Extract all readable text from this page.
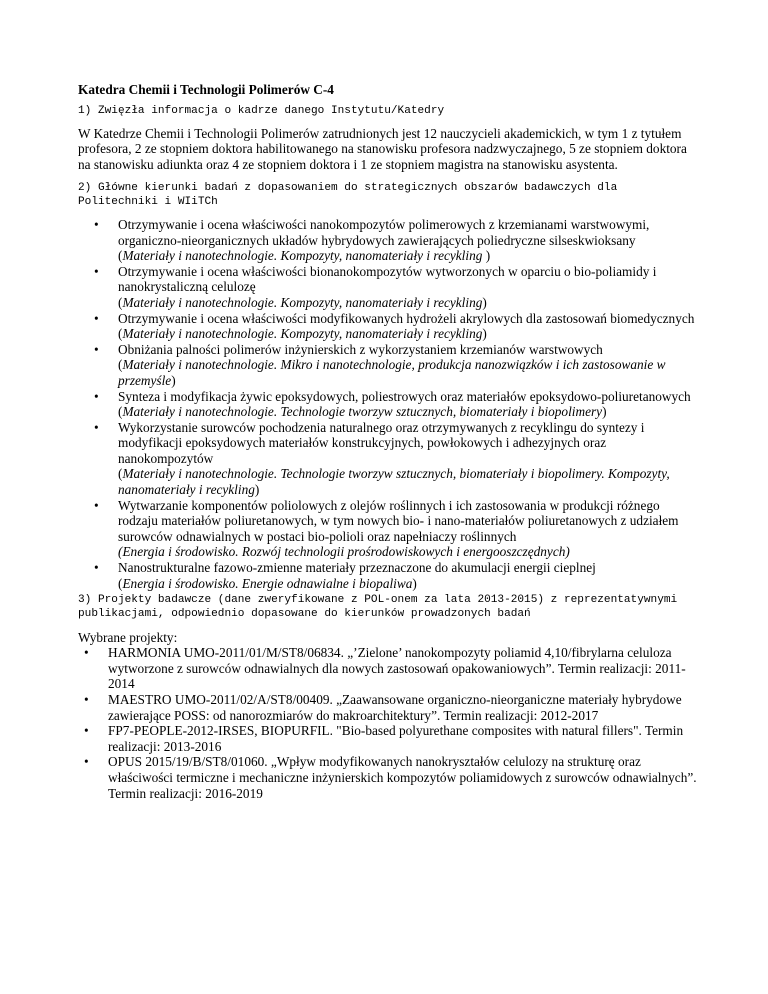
Katedra Chemii i Technologii Polimerów C-4
1) Zwięzła informacja o kadrze danego Instytutu/Katedry

W Katedrze Chemii i Technologii Polimerów zatrudnionych jest 12 nauczycieli akademickich, w tym 1 z tytułem profesora, 2 ze stopniem doktora habilitowanego na stanowisku profesora nadzwyczajnego, 5 ze stopniem doktora na stanowisku adiunkta oraz 4 ze stopniem doktora i 1 ze stopniem magistra na stanowisku asystenta.

2) Główne kierunki badań z dopasowaniem do strategicznych obszarów badawczych dla Politechniki i WIiTCh
• Otrzymywanie i ocena właściwości nanokompozytów polimerowych z krzemianami warstwowymi, organiczno-nieorganicznych układów hybrydowych zawierających poliedryczne silseskwioksany
(Materiały i nanotechnologie. Kompozyty, nanomateriały i recykling )
• Otrzymywanie i ocena właściwości bionanokompozytów wytworzonych w oparciu o bio-poliamidy i nanokrystaliczną celulozę
(Materiały i nanotechnologie. Kompozyty, nanomateriały i recykling)
• Otrzymywanie i ocena właściwości modyfikowanych hydrożeli akrylowych dla zastosowań biomedycznych
(Materiały i nanotechnologie. Kompozyty, nanomateriały i recykling)
• Obniżania palności polimerów inżynierskich z wykorzystaniem krzemianów warstwowych
(Materiały i nanotechnologie. Mikro i nanotechnologie, produkcja nanozwiązków i ich zastosowanie w przemyśle)
• Synteza i modyfikacja żywic epoksydowych, poliestrowych oraz materiałów epoksydowo-poliuretanowych
(Materiały i nanotechnologie. Technologie tworzyw sztucznych, biomateriały i biopolimery)
• Wykorzystanie surowców pochodzenia naturalnego oraz otrzymywanych z recyklingu do syntezy i modyfikacji epoksydowych materiałów konstrukcyjnych, powłokowych i adhezyjnych oraz nanokompozytów
(Materiały i nanotechnologie. Technologie tworzyw sztucznych, biomateriały i biopolimery. Kompozyty, nanomateriały i recykling)
• Wytwarzanie komponentów poliolowych z olejów roślinnych i ich zastosowania w produkcji różnego rodzaju materiałów poliuretanowych, w tym nowych bio- i nano-materiałów poliuretanowych z udziałem surowców odnawialnych w postaci bio-polioli oraz napełniaczy roślinnych
(Energia i środowisko. Rozwój technologii prośrodowiskowych i energooszczędnych)
• Nanostrukturalne fazowo-zmienne materiały przeznaczone do akumulacji energii cieplnej
(Energia i środowisko. Energie odnawialne i biopaliwa)
3) Projekty badawcze (dane zweryfikowane z POL-onem za lata 2013-2015) z reprezentatywnymi publikacjami, odpowiednio dopasowane do kierunków prowadzonych badań
Wybrane projekty:
• HARMONIA UMO-2011/01/M/ST8/06834. „’Zielone’ nanokompozyty poliamid 4,10/fibrylarna celuloza wytworzone z surowców odnawialnych dla nowych zastosowań opakowaniowych”. Termin realizacji: 2011-2014
• MAESTRO UMO-2011/02/A/ST8/00409. „Zaawansowane organiczno-nieorganiczne materiały hybrydowe zawierające POSS: od nanorozmiarów do makroarchitektury”. Termin realizacji: 2012-2017
• FP7-PEOPLE-2012-IRSES, BIOPURFIL. "Bio-based polyurethane composites with natural fillers". Termin realizacji: 2013-2016
• OPUS 2015/19/B/ST8/01060. „Wpływ modyfikowanych nanokryształów celulozy na strukturę oraz właściwości termiczne i mechaniczne inżynierskich kompozytów poliamidowych z surowców odnawialnych”. Termin realizacji: 2016-2019
